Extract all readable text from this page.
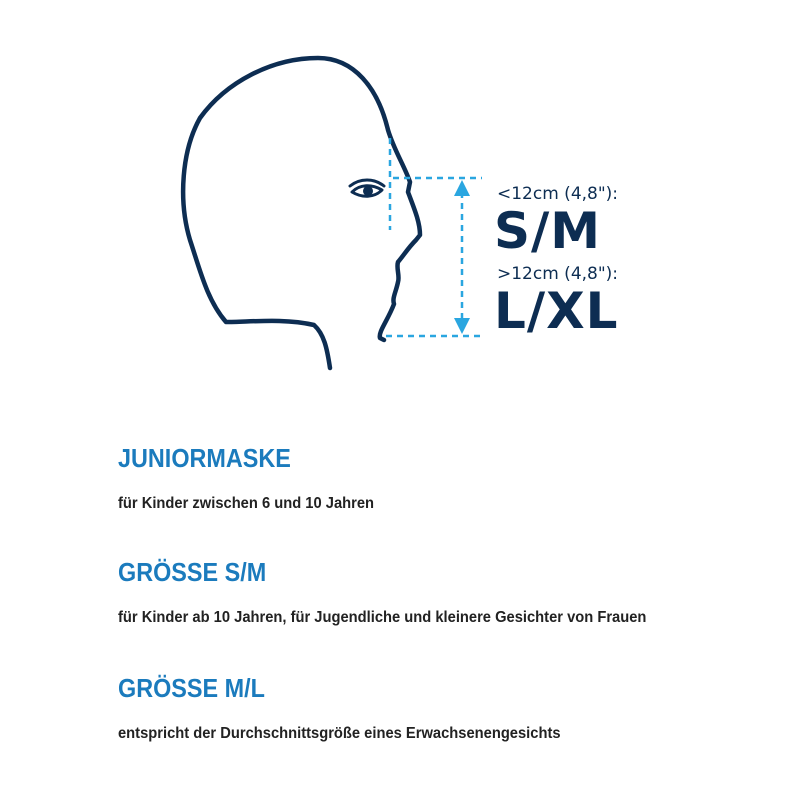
<12cm (4,8"):
S/M
>12cm (4,8"):
L/XL
JUNIORMASKE

für Kinder zwischen 6 und 10 Jahren

GRÖSSE S/M

für Kinder ab 10 Jahren, für Jugendliche und kleinere Gesichter von Frauen

GRÖSSE M/L

entspricht der Durchschnittsgröße eines Erwachsenengesichts
